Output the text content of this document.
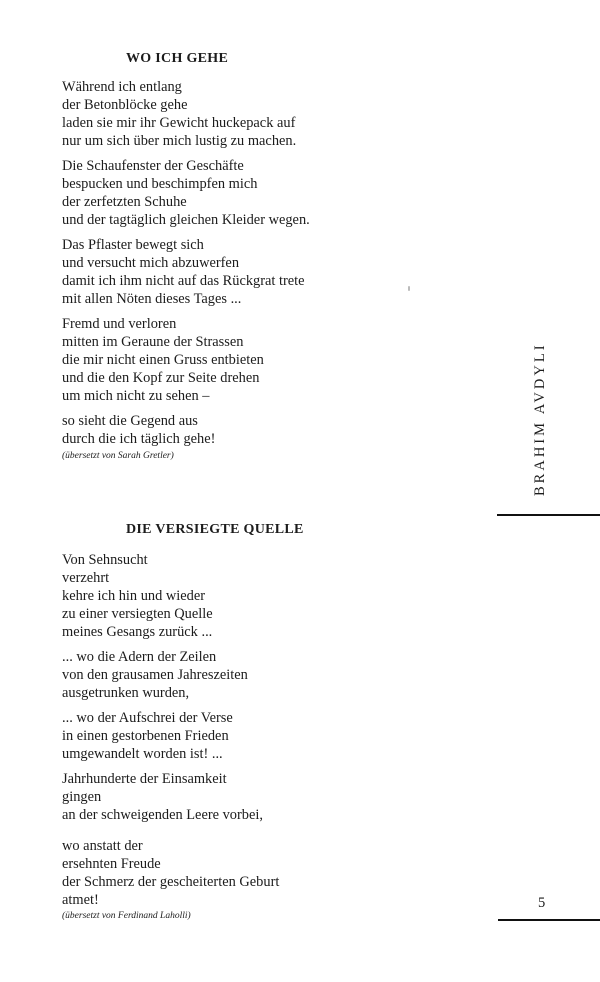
WO ICH GEHE
Während ich entlang
der Betonblöcke gehe
laden sie mir ihr Gewicht huckepack auf
nur um sich über mich lustig zu machen.
Die Schaufenster der Geschäfte
bespucken und beschimpfen mich
der zerfetzten Schuhe
und der tagtäglich gleichen Kleider wegen.
Das Pflaster bewegt sich
und versucht mich abzuwerfen
damit ich ihm nicht auf das Rückgrat trete
mit allen Nöten dieses Tages ...
Fremd und verloren
mitten im Geraune der Strassen
die mir nicht einen Gruss entbieten
und die den Kopf zur Seite drehen
um mich nicht zu sehen –
so sieht die Gegend aus
durch die ich täglich gehe!
(übersetzt von Sarah Gretler)
DIE VERSIEGTE QUELLE
Von Sehnsucht
verzehrt
kehre ich hin und wieder
zu einer versiegten Quelle
meines Gesangs zurück ...
... wo die Adern der Zeilen
von den grausamen Jahreszeiten
ausgetrunken wurden,
... wo der Aufschrei der Verse
in einen gestorbenen Frieden
umgewandelt worden ist! ...
Jahrhunderte der Einsamkeit
gingen
an der schweigenden Leere vorbei,
wo anstatt der
ersehnten Freude
der Schmerz der gescheiterten Geburt
atmet!
(übersetzt von Ferdinand Laholli)
BRAHIM AVDYLI
5
